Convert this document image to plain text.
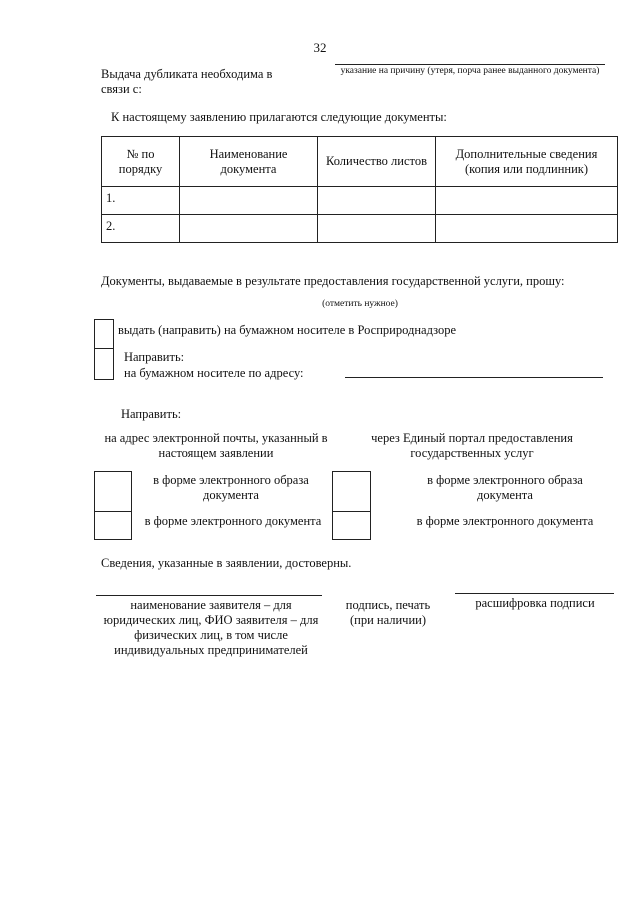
32
Выдача дубликата необходима в связи с:
указание на причину (утеря, порча ранее выданного документа)
К настоящему заявлению прилагаются следующие документы:
№ по порядку	Наименование документа	Количество листов	Дополнительные сведения (копия или подлинник)
1.			
2.			
Документы, выдаваемые в результате предоставления государственной услуги, прошу:
(отметить нужное)
выдать (направить) на бумажном носителе в Росприроднадзоре
Направить:
на бумажном носителе по адресу:
Направить:
на адрес электронной почты, указанный в настоящем заявлении
через Единый портал предоставления государственных услуг
в форме электронного образа документа
в форме электронного документа
в форме электронного образа документа
в форме электронного документа
Сведения, указанные в заявлении, достоверны.
наименование заявителя – для юридических лиц, ФИО заявителя – для физических лиц, в том числе индивидуальных предпринимателей
подпись, печать (при наличии)
расшифровка подписи
